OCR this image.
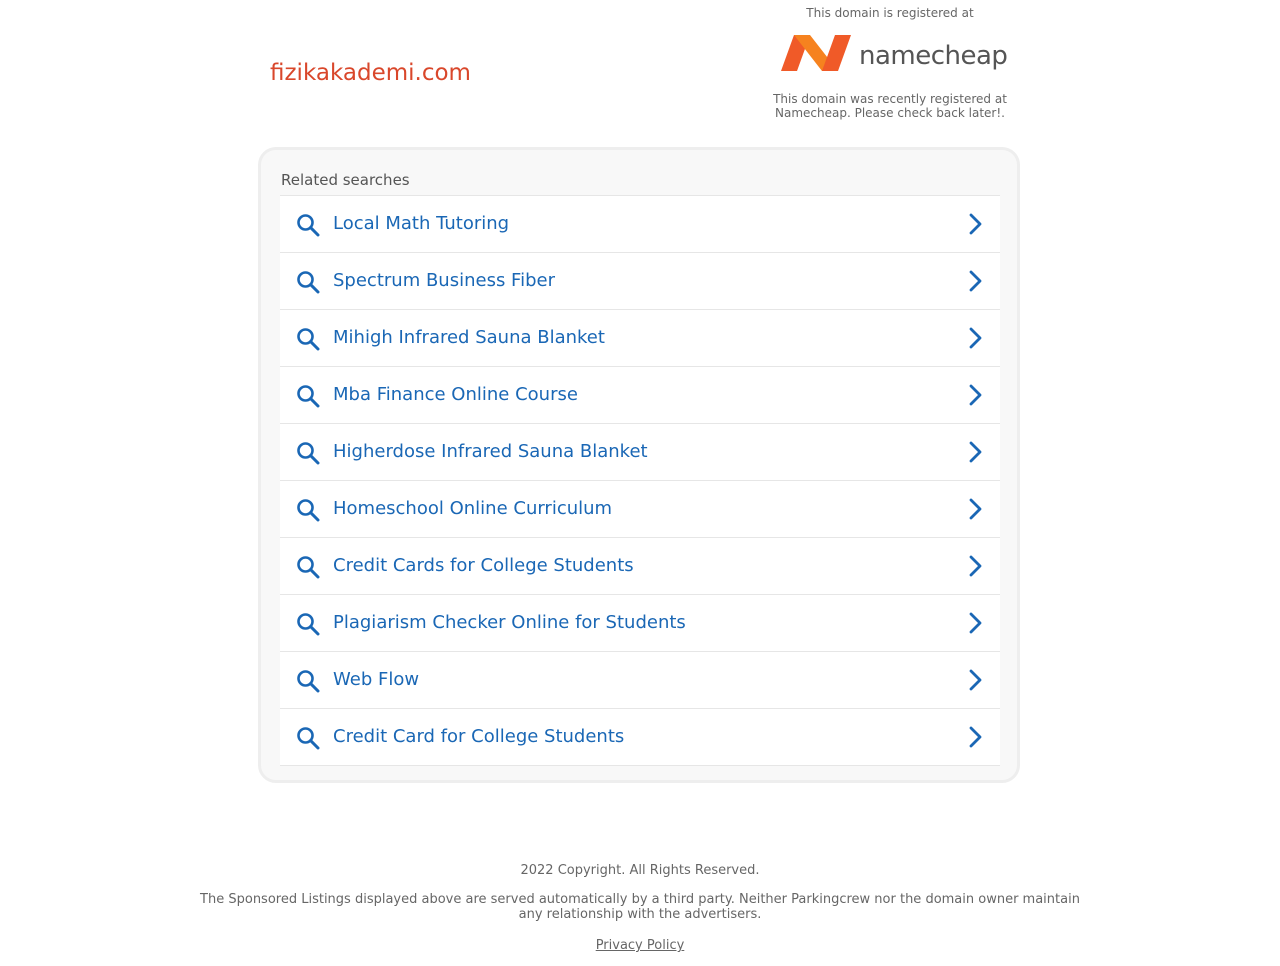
fizikakademi.com
This domain is registered at
namecheap
This domain was recently registered at Namecheap. Please check back later!.
Related searches
Local Math Tutoring
Spectrum Business Fiber
Mihigh Infrared Sauna Blanket
Mba Finance Online Course
Higherdose Infrared Sauna Blanket
Homeschool Online Curriculum
Credit Cards for College Students
Plagiarism Checker Online for Students
Web Flow
Credit Card for College Students
2022 Copyright. All Rights Reserved.
The Sponsored Listings displayed above are served automatically by a third party. Neither Parkingcrew nor the domain owner maintain any relationship with the advertisers.
Privacy Policy
